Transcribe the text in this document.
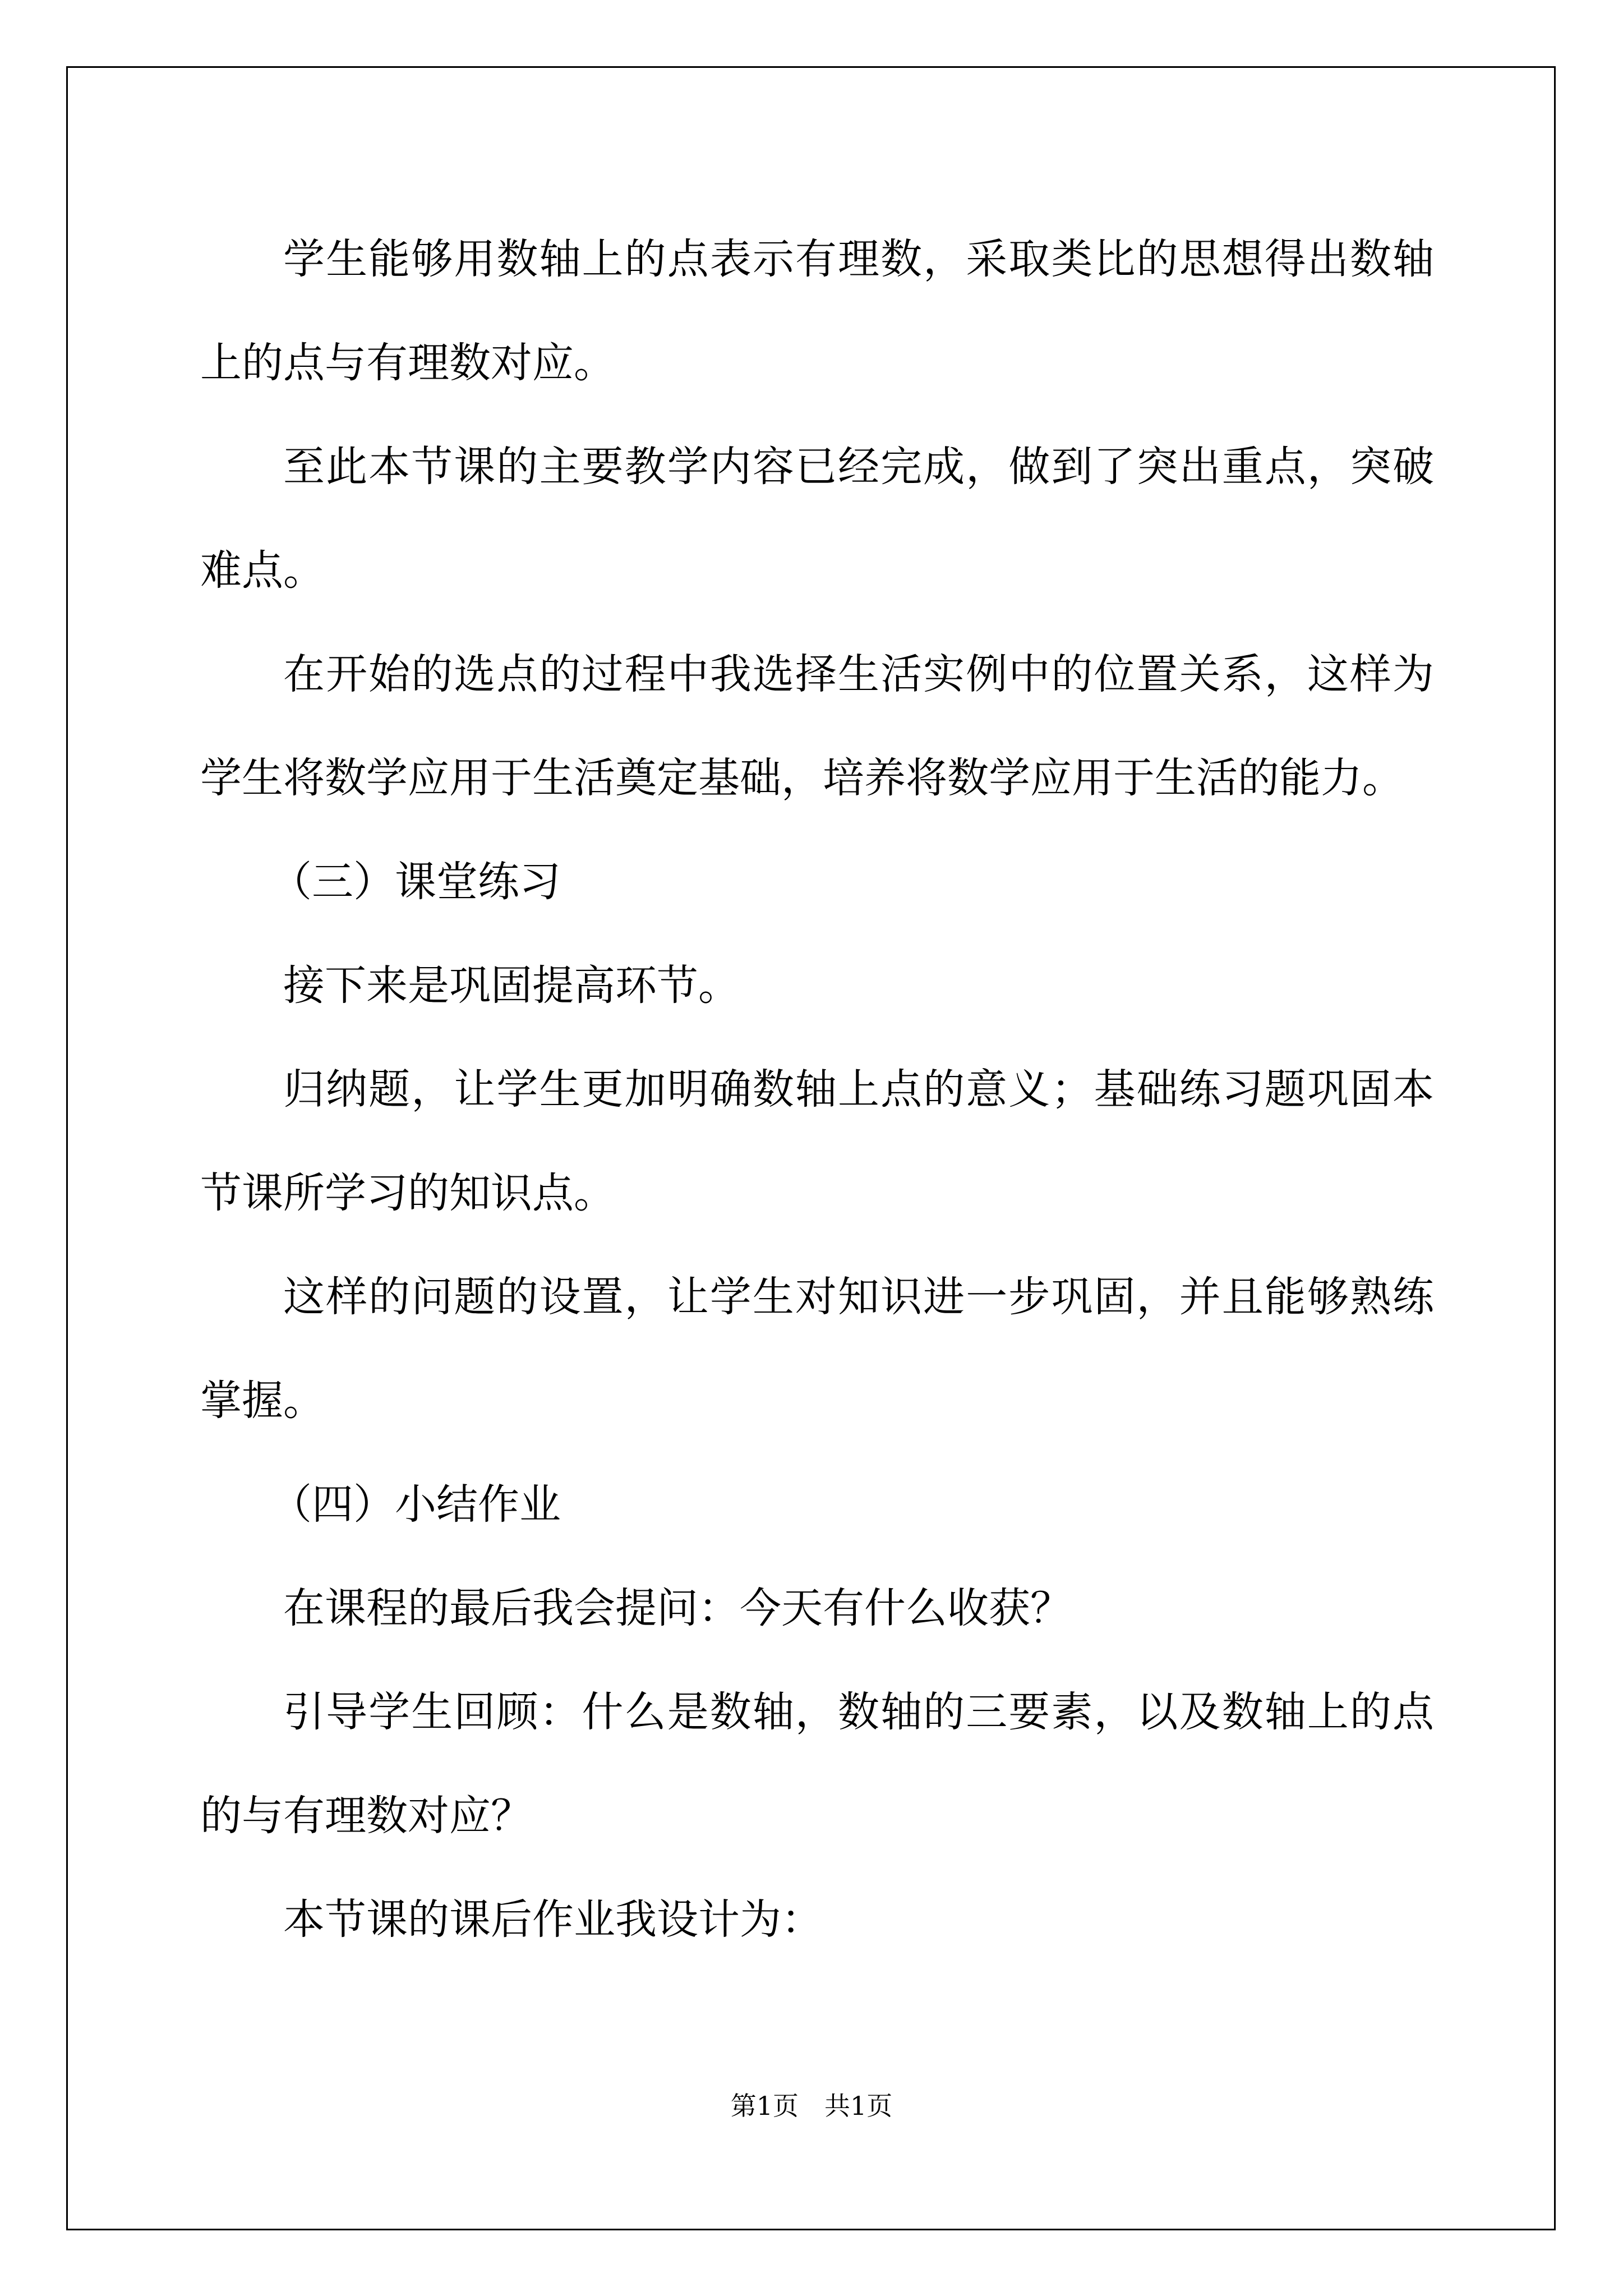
学生能够用数轴上的点表示有理数，采取类比的思想得出数轴上的点与有理数对应。

至此本节课的主要教学内容已经完成，做到了突出重点，突破难点。

在开始的选点的过程中我选择生活实例中的位置关系，这样为学生将数学应用于生活奠定基础，培养将数学应用于生活的能力。

（三）课堂练习

接下来是巩固提高环节。

归纳题，让学生更加明确数轴上点的意义；基础练习题巩固本节课所学习的知识点。

这样的问题的设置，让学生对知识进一步巩固，并且能够熟练掌握。

（四）小结作业

在课程的最后我会提问：今天有什么收获？

引导学生回顾：什么是数轴，数轴的三要素，以及数轴上的点的与有理数对应？

本节课的课后作业我设计为：

第1页　共1页
